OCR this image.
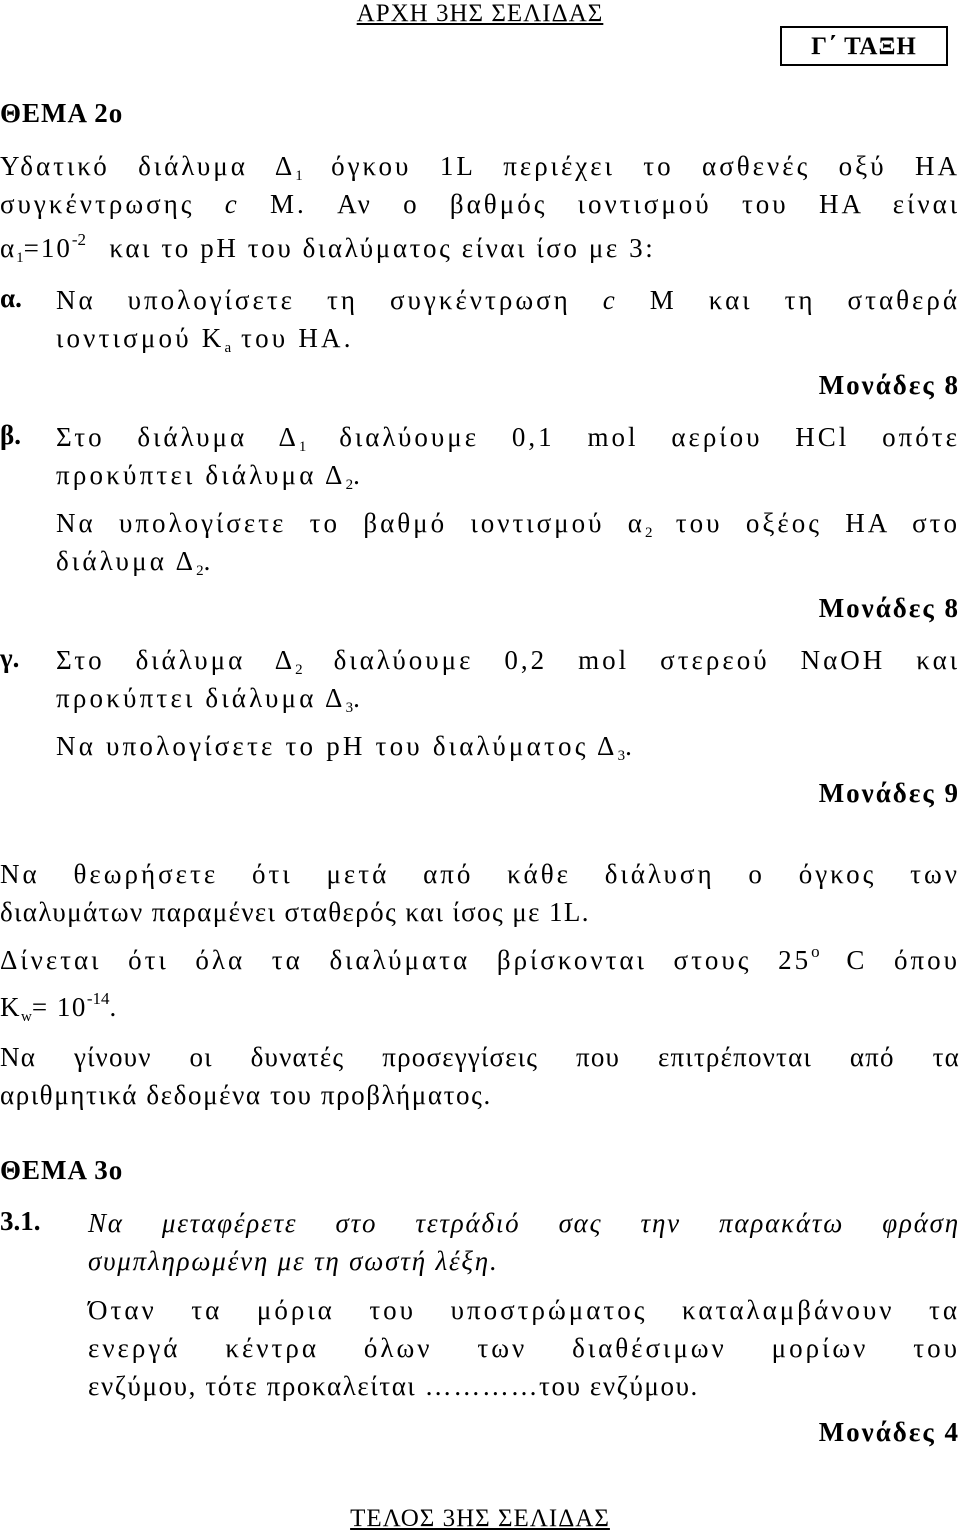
ΑΡΧΗ 3ΗΣ ΣΕΛΙΔΑΣ
Γ΄ ΤΑΞΗ
ΘΕΜΑ 2ο
Υδατικό διάλυμα $\Delta_1$ όγκου 1L περιέχει το ασθενές οξύ ΗΑ
συγκέντρωσης c M. Αν ο βαθμός ιοντισμού του ΗΑ είναι
$\alpha_1=10^{-2}$ και το pH του διαλύματος είναι ίσο με 3:
α. Να υπολογίσετε τη συγκέντρωση c M και τη σταθερά
ιοντισμού $K_a$ του ΗΑ.
Μονάδες 8
β. Στο διάλυμα $\Delta_1$ διαλύουμε 0,1 mol αερίου HCl οπότε
προκύπτει διάλυμα $\Delta_2$.
Να υπολογίσετε το βαθμό ιοντισμού $\alpha_2$ του οξέος ΗΑ στο
διάλυμα $\Delta_2$.
Μονάδες 8
γ. Στο διάλυμα $\Delta_2$ διαλύουμε 0,2 mol στερεού ΝαΟΗ και
προκύπτει διάλυμα $\Delta_3$.
Να υπολογίσετε το pH του διαλύματος $\Delta_3$.
Μονάδες 9
Να θεωρήσετε ότι μετά από κάθε διάλυση ο όγκος των
διαλυμάτων παραμένει σταθερός και ίσος με 1L.
Δίνεται ότι όλα τα διαλύματα βρίσκονται στους $25^o$ C όπου
$K_w= 10^{-14}$.
Να γίνουν οι δυνατές προσεγγίσεις που επιτρέπονται από τα
αριθμητικά δεδομένα του προβλήματος.
ΘΕΜΑ 3ο
3.1. Να μεταφέρετε στο τετράδιό σας την παρακάτω φράση
συμπληρωμένη με τη σωστή λέξη.
Όταν τα μόρια του υποστρώματος καταλαμβάνουν τα
ενεργά κέντρα όλων των διαθέσιμων μορίων του
ενζύμου, τότε προκαλείται …………του ενζύμου.
Μονάδες 4
ΤΕΛΟΣ 3ΗΣ ΣΕΛΙΔΑΣ
